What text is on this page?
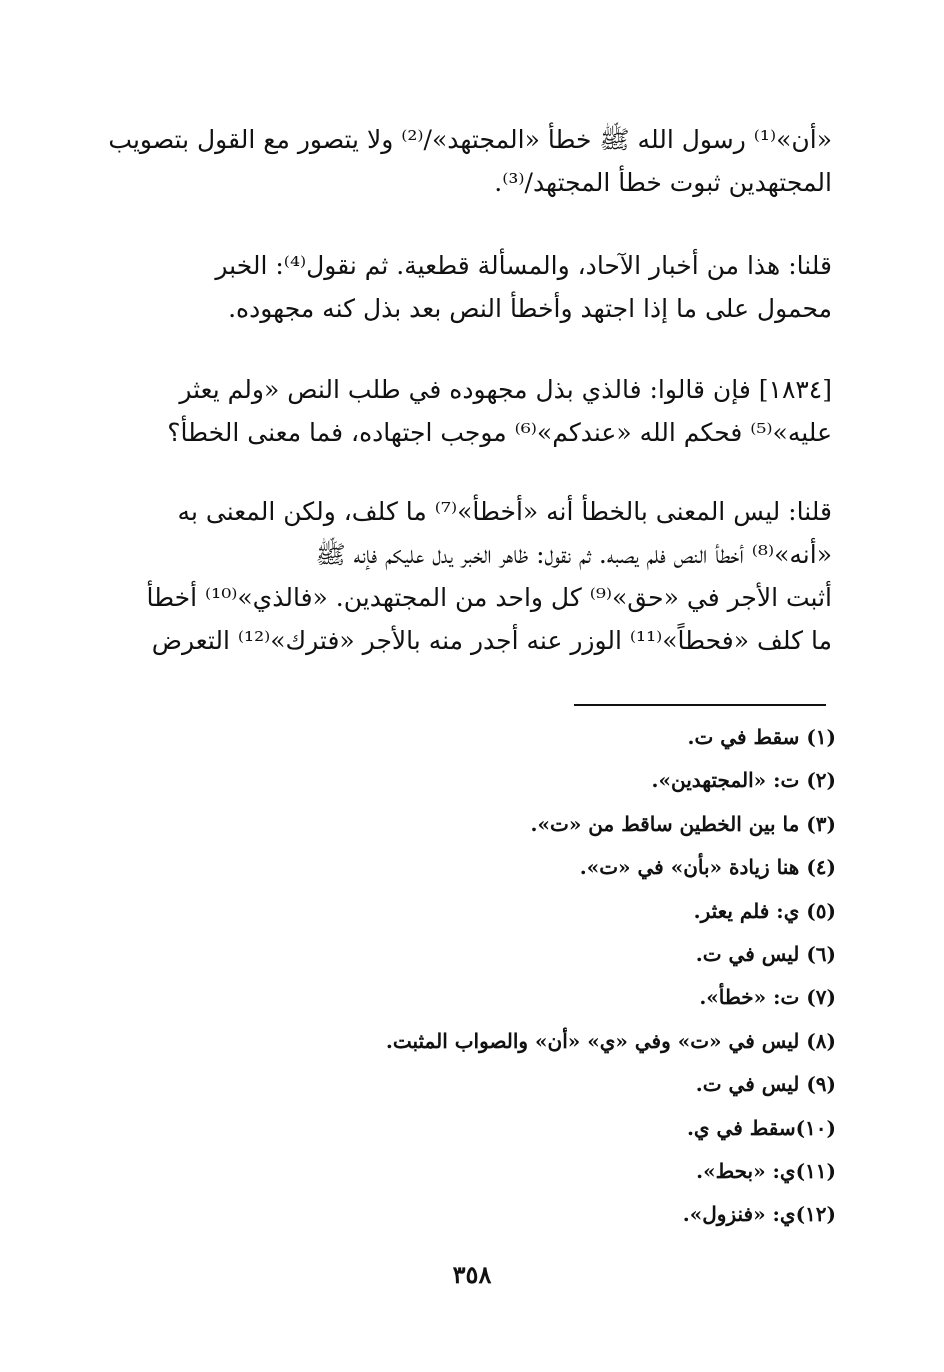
«أن»⁽¹⁾ رسول الله ﷺ خطأ «المجتهد»/⁽²⁾ ولا يتصور مع القول بتصويب
المجتهدين ثبوت خطأ المجتهد/⁽³⁾.

قلنا: هذا من أخبار الآحاد، والمسألة قطعية. ثم نقول⁽⁴⁾: الخبر
محمول على ما إذا اجتهد وأخطأ النص بعد بذل كنه مجهوده.

[١٨٣٤] فإن قالوا: فالذي بذل مجهوده في طلب النص «ولم يعثر
عليه»⁽⁵⁾ فحكم الله «عندكم»⁽⁶⁾ موجب اجتهاده، فما معنى الخطأ؟

قلنا: ليس المعنى بالخطأ أنه «أخطأ»⁽⁷⁾ ما كلف، ولكن المعنى به
«أنه»⁽⁸⁾ أخطأ النص فلم يصبه. ثم نقول: ظاهر الخبر يدل عليكم فإنه ﷺ
أثبت الأجر في «حق»⁽⁹⁾ كل واحد من المجتهدين. «فالذي»⁽¹⁰⁾ أخطأ
ما كلف «فحطاً»⁽¹¹⁾ الوزر عنه أجدر منه بالأجر «فترك»⁽¹²⁾ التعرض

(١) سقط في ت.
(٢) ت: «المجتهدين».
(٣) ما بين الخطين ساقط من «ت».
(٤) هنا زيادة «بأن» في «ت».
(٥) ي: فلم يعثر.
(٦) ليس في ت.
(٧) ت: «خطأ».
(٨) ليس في «ت» وفي «ي» «أن» والصواب المثبت.
(٩) ليس في ت.
(١٠)سقط في ي.
(١١)ي: «بحط».
(١٢)ي: «فنزول».
٣٥٨
